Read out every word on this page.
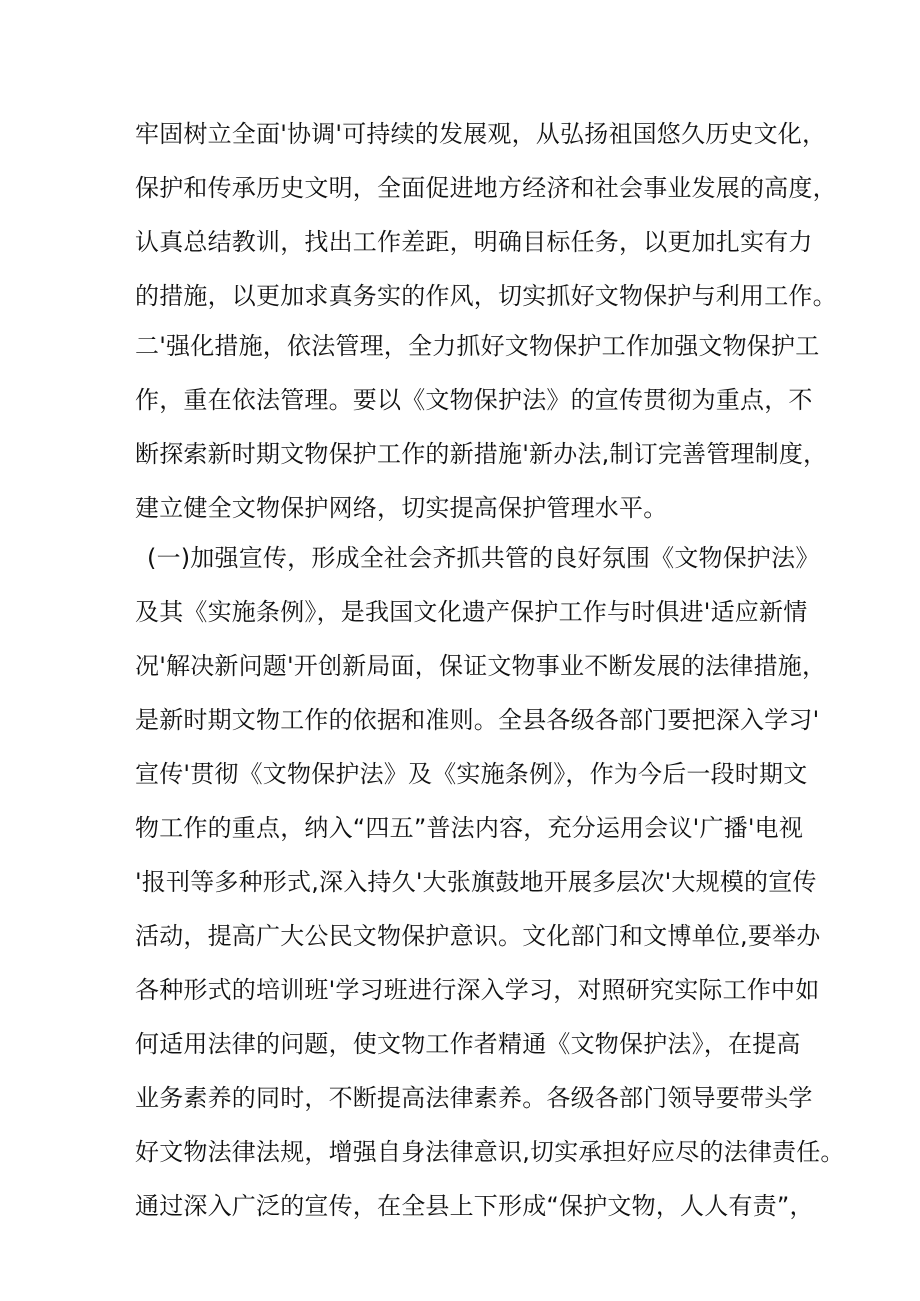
牢固树立全面'协调'可持续的发展观，从弘扬祖国悠久历史文化，
保护和传承历史文明，全面促进地方经济和社会事业发展的高度，
认真总结教训，找出工作差距，明确目标任务，以更加扎实有力
的措施，以更加求真务实的作风，切实抓好文物保护与利用工作。
二'强化措施，依法管理，全力抓好文物保护工作加强文物保护工
作，重在依法管理。要以《文物保护法》的宣传贯彻为重点，不
断探索新时期文物保护工作的新措施'新办法,制订完善管理制度，
建立健全文物保护网络，切实提高保护管理水平。
(一)加强宣传，形成全社会齐抓共管的良好氛围《文物保护法》
及其《实施条例》，是我国文化遗产保护工作与时俱进'适应新情
况'解决新问题'开创新局面，保证文物事业不断发展的法律措施，
是新时期文物工作的依据和准则。全县各级各部门要把深入学习'
宣传'贯彻《文物保护法》及《实施条例》，作为今后一段时期文
物工作的重点，纳入“四五”普法内容，充分运用会议'广播'电视
'报刊等多种形式,深入持久'大张旗鼓地开展多层次'大规模的宣传
活动，提高广大公民文物保护意识。文化部门和文博单位,要举办
各种形式的培训班'学习班进行深入学习，对照研究实际工作中如
何适用法律的问题，使文物工作者精通《文物保护法》，在提高
业务素养的同时，不断提高法律素养。各级各部门领导要带头学
好文物法律法规，增强自身法律意识,切实承担好应尽的法律责任。
通过深入广泛的宣传，在全县上下形成“保护文物，人人有责”，
